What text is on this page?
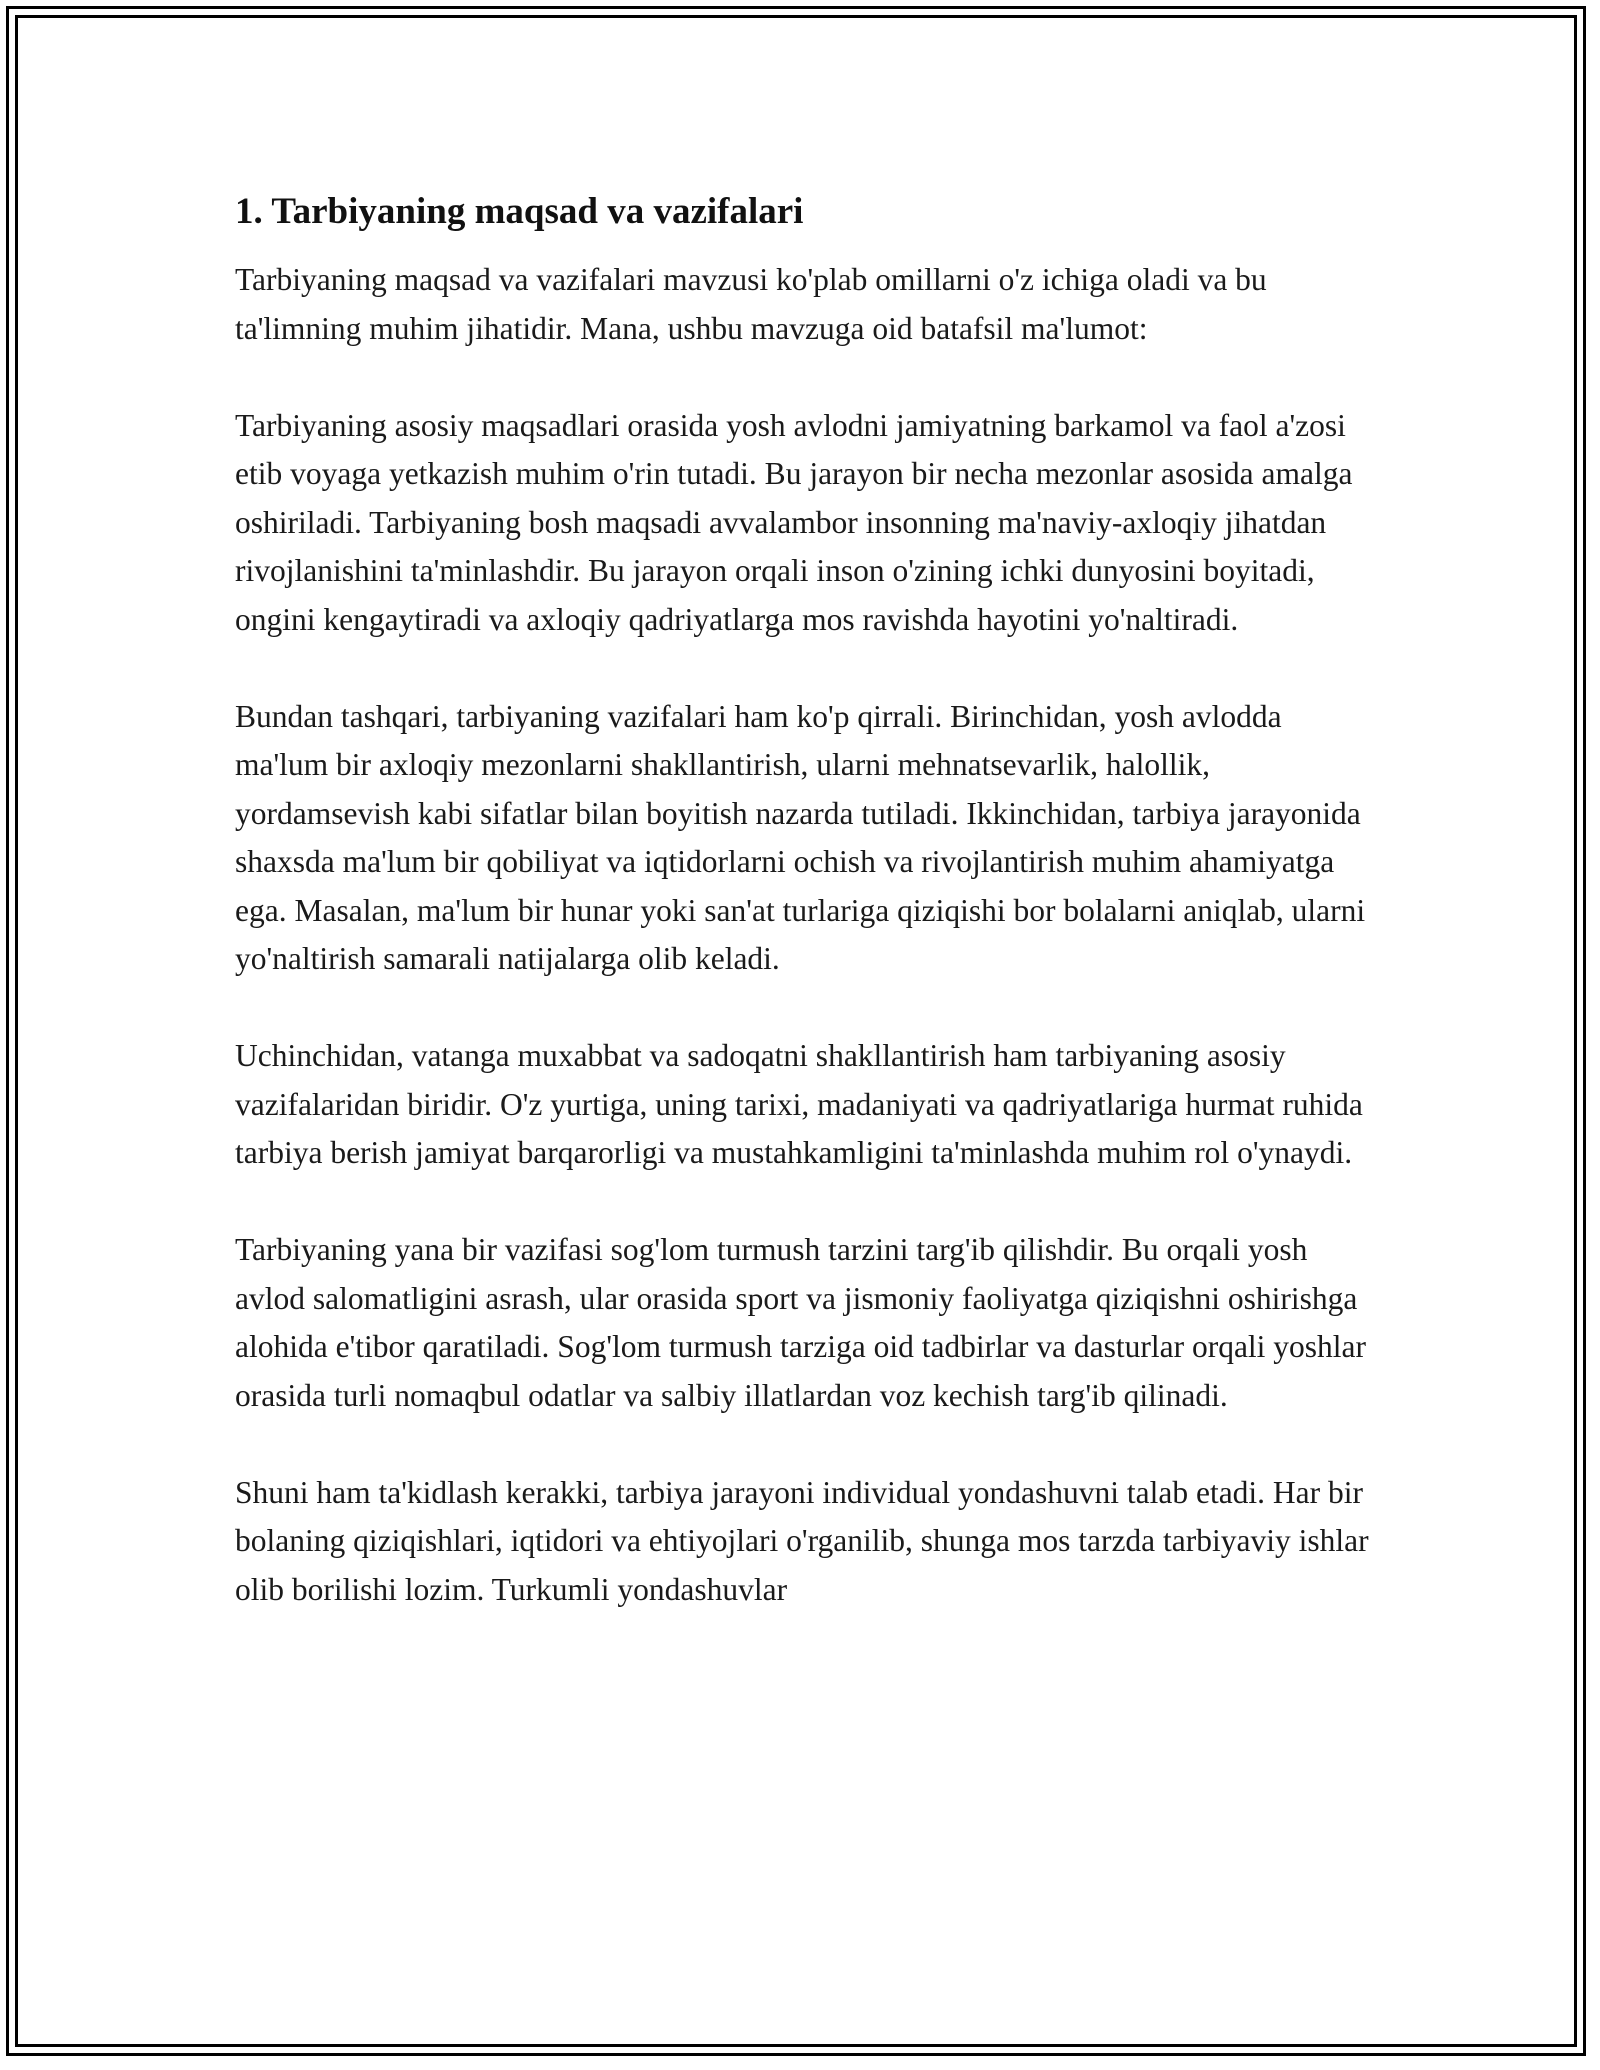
1. Tarbiyaning maqsad va vazifalari

Tarbiyaning maqsad va vazifalari mavzusi ko'plab omillarni o'z ichiga oladi va bu ta'limning muhim jihatidir. Mana, ushbu mavzuga oid batafsil ma'lumot:

Tarbiyaning asosiy maqsadlari orasida yosh avlodni jamiyatning barkamol va faol a'zosi etib voyaga yetkazish muhim o'rin tutadi. Bu jarayon bir necha mezonlar asosida amalga oshiriladi. Tarbiyaning bosh maqsadi avvalambor insonning ma'naviy-axloqiy jihatdan rivojlanishini ta'minlashdir. Bu jarayon orqali inson o'zining ichki dunyosini boyitadi, ongini kengaytiradi va axloqiy qadriyatlarga mos ravishda hayotini yo'naltiradi.

Bundan tashqari, tarbiyaning vazifalari ham ko'p qirrali. Birinchidan, yosh avlodda ma'lum bir axloqiy mezonlarni shakllantirish, ularni mehnatsevarlik, halollik, yordamsevish kabi sifatlar bilan boyitish nazarda tutiladi. Ikkinchidan, tarbiya jarayonida shaxsda ma'lum bir qobiliyat va iqtidorlarni ochish va rivojlantirish muhim ahamiyatga ega. Masalan, ma'lum bir hunar yoki san'at turlariga qiziqishi bor bolalarni aniqlab, ularni yo'naltirish samarali natijalarga olib keladi.

Uchinchidan, vatanga muxabbat va sadoqatni shakllantirish ham tarbiyaning asosiy vazifalaridan biridir. O'z yurtiga, uning tarixi, madaniyati va qadriyatlariga hurmat ruhida tarbiya berish jamiyat barqarorligi va mustahkamligini ta'minlashda muhim rol o'ynaydi.

Tarbiyaning yana bir vazifasi sog'lom turmush tarzini targ'ib qilishdir. Bu orqali yosh avlod salomatligini asrash, ular orasida sport va jismoniy faoliyatga qiziqishni oshirishga alohida e'tibor qaratiladi. Sog'lom turmush tarziga oid tadbirlar va dasturlar orqali yoshlar orasida turli nomaqbul odatlar va salbiy illatlardan voz kechish targ'ib qilinadi.

Shuni ham ta'kidlash kerakki, tarbiya jarayoni individual yondashuvni talab etadi. Har bir bolaning qiziqishlari, iqtidori va ehtiyojlari o'rganilib, shunga mos tarzda tarbiyaviy ishlar olib borilishi lozim. Turkumli yondashuvlar
